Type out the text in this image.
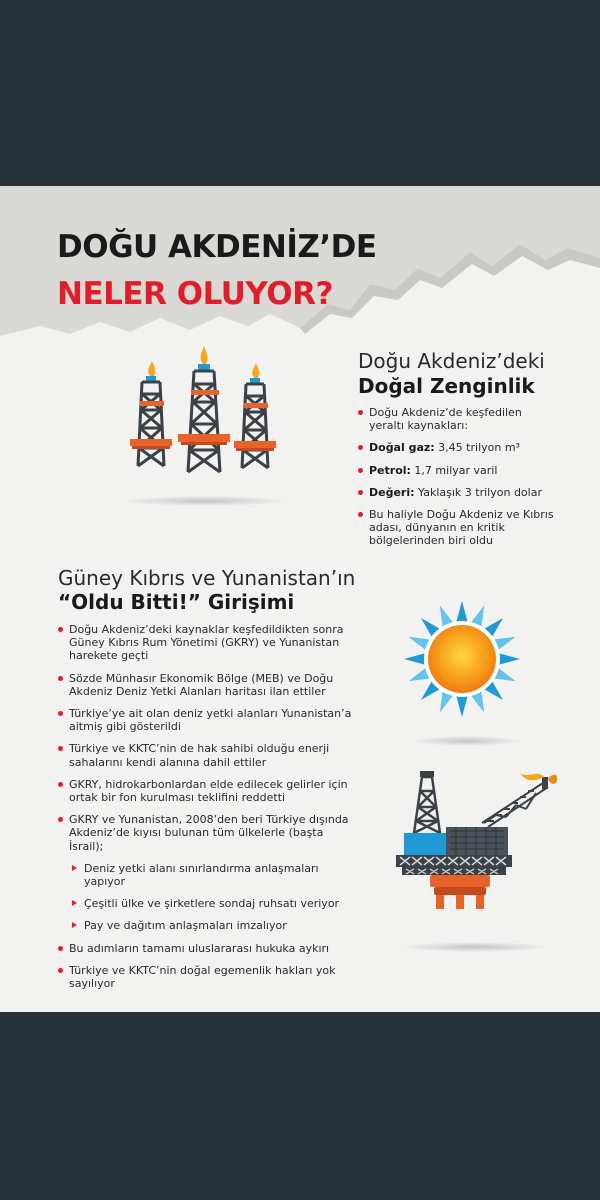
DOĞU AKDENİZ’DE
NELER OLUYOR?
Doğu Akdeniz’deki
Doğal Zenginlik
Doğu Akdeniz’de keşfedilen yeraltı kaynakları:
Doğal gaz: 3,45 trilyon m³
Petrol: 1,7 milyar varil
Değeri: Yaklaşık 3 trilyon dolar
Bu haliyle Doğu Akdeniz ve Kıbrıs adası, dünyanın en kritik bölgelerinden biri oldu
Güney Kıbrıs ve Yunanistan’ın
“Oldu Bitti!” Girişimi
Doğu Akdeniz’deki kaynaklar keşfedildikten sonra Güney Kıbrıs Rum Yönetimi (GKRY) ve Yunanistan harekete geçti
Sözde Münhasır Ekonomik Bölge (MEB) ve Doğu Akdeniz Deniz Yetki Alanları haritası ilan ettiler
Türkiye’ye ait olan deniz yetki alanları Yunanistan’a aitmiş gibi gösterildi
Türkiye ve KKTC’nin de hak sahibi olduğu enerji sahalarını kendi alanına dahil ettiler
GKRY, hidrokarbonlardan elde edilecek gelirler için ortak bir fon kurulması teklifini reddetti
GKRY ve Yunanistan, 2008’den beri Türkiye dışında Akdeniz’de kıyısı bulunan tüm ülkelerle (başta İsrail);
Deniz yetki alanı sınırlandırma anlaşmaları yapıyor
Çeşitli ülke ve şirketlere sondaj ruhsatı veriyor
Pay ve dağıtım anlaşmaları imzalıyor
Bu adımların tamamı uluslararası hukuka aykırı
Türkiye ve KKTC’nin doğal egemenlik hakları yok sayılıyor
